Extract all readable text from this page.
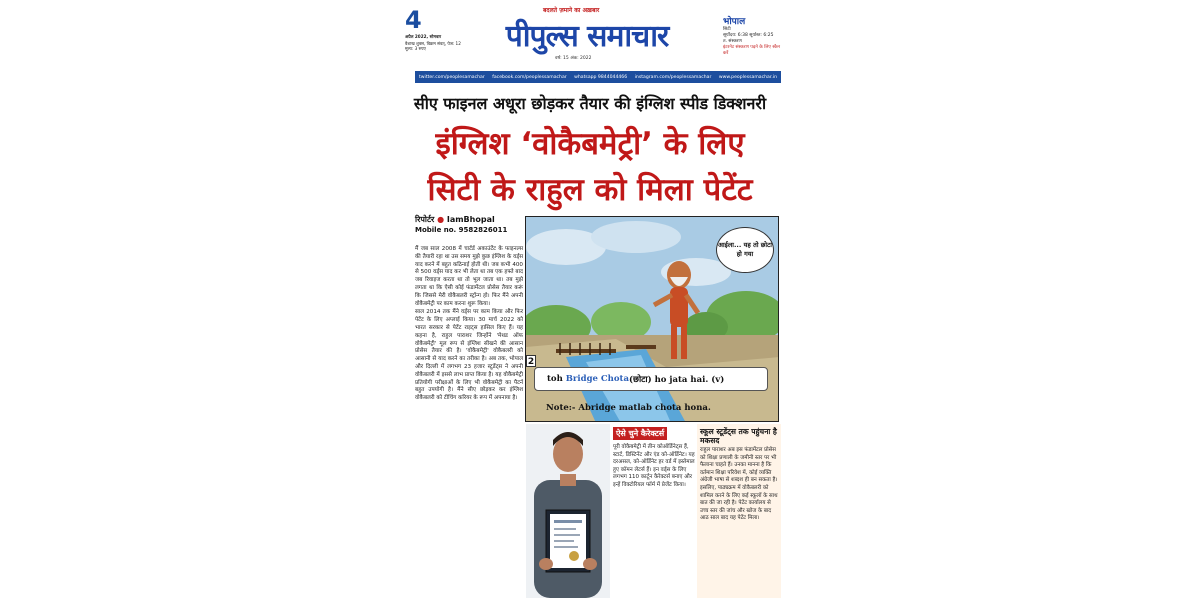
4
अप्रैल 2022, सोमवार
वैशाख शुक्ल, विक्रम संवत्, पेज: 12 मूल्य: 3 रुपए
बदलते ज़माने का अख़बार
पीपुल्स समाचार
वर्ष: 15 अंक: 2022
भोपाल
सिटी
सूर्योदय: 6:38 सूर्यास्त: 6:25
त. संस्करण
इंटरनेट संस्करण पढ़ने के लिए स्कैन करें
twitter.com/peoplesamachar facebook.com/peoplessamachar whatsapp 9844044466 instagram.com/peoplessamachar www.peoplessamachar.in
सीए फाइनल अधूरा छोड़कर तैयार की इंग्लिश स्पीड डिक्शनरी
इंग्लिश ‘वोकैबमेट्री’ के लिए
सिटी के राहुल को मिला पेटेंट
रिपोर्टर ● IamBhopal
Mobile no. 9582826011

मैं जब साल 2008 में चार्टर्ड अकाउंटेंट के फाइनल्स की तैयारी रहा था उस समय मुझे कुछ इंग्लिश के वर्ड्स याद करने में बहुत कठिनाई होती थी। जब कभी 400 से 500 वर्ड्स याद कर भी लेता था तब एक हफ्ते बाद जब रिवाइज करता था तो भूल जाता था। तब मुझे लगता था कि ऐसी कोई फंडामेंटल प्रोसेस तैयार करूं कि जिससे मेरी वोकैबलरी स्ट्रॉन्ग हो। फिर मैंने अपनी वोकैबमेट्री पर काम करना शुरू किया।

साल 2014 तक मैंने वर्ड्स पर काम किया और फिर पेटेंट के लिए अप्लाई किया। 30 मार्च 2022 को भारत सरकार से पेटेंट राइट्स हासिल किए हैं। यह कहना है, राहुल पाराशर जिन्होंने 'मेथड ऑफ वोकैबमेट्री' मूल रूप से इंग्लिश सीखने की आसान प्रोसेस तैयार की है। 'वोकैबमेट्री' वोकैबलरी को आसानी से याद करने का तरीका है। अब तक, भोपाल और दिल्ली में लगभग 23 हजार स्टूडेंट्स ने अपनी वोकैबलरी में इससे लाभ प्राप्त किया है। यह वोकैबमेट्री प्रतियोगी परीक्षाओं के लिए भी वोकैबमेट्री का पैटर्न बहुत उपयोगी है। मैंने सीए छोड़कर कर इंग्लिश वोकैबलरी को टीचिंग करियर के रूप में अपनाया है।

आईला... यह तो छोटा हो गया
2
toh
Bridge
Chota (छोटा) ho jata hai. (v)
Note:- Abridge matlab chota hona.
ऐसे चुने कैरेक्टर्स
पूरी वोकैबमेट्री में तीन कोऑर्डिनेट्स हैं, स्टार्ट, डिस्टिनेंट और एंड को-ऑर्डिनेट। यह दरअसल, को-ऑर्डिनेट हर वर्ड में इस्तेमाल हुए कॉमन लेटर्स हैं। इन वर्ड्स के लिए लगभग 110 कार्टून कैरेक्टर्स बनाए और इन्हें विक्टोरियल फॉर्म में प्रेजेंट किया।
स्कूल स्टूडेंट्स तक पहुंचना है मकसद
राहुल पाराशर अब इस फंडामेंटल प्रोसेस को शिक्षा प्रणाली के जमीनी स्तर पर भी फैलाना चाहते हैं। उनका मानना है कि वर्तमान शिक्षा परिवेश में, कोई व्यक्ति अंग्रेजी भाषा से शब्दश ही बन सकता है। इसलिए, पाठ्यक्रम में वोकैबलरी को शामिल करने के लिए कई स्कूलों के साथ बात की जा रही है। पेटेंट कार्यालय से उच्च स्तर की जांच और खोज के बाद आठ साल बाद यह पेटेंट मिला।
